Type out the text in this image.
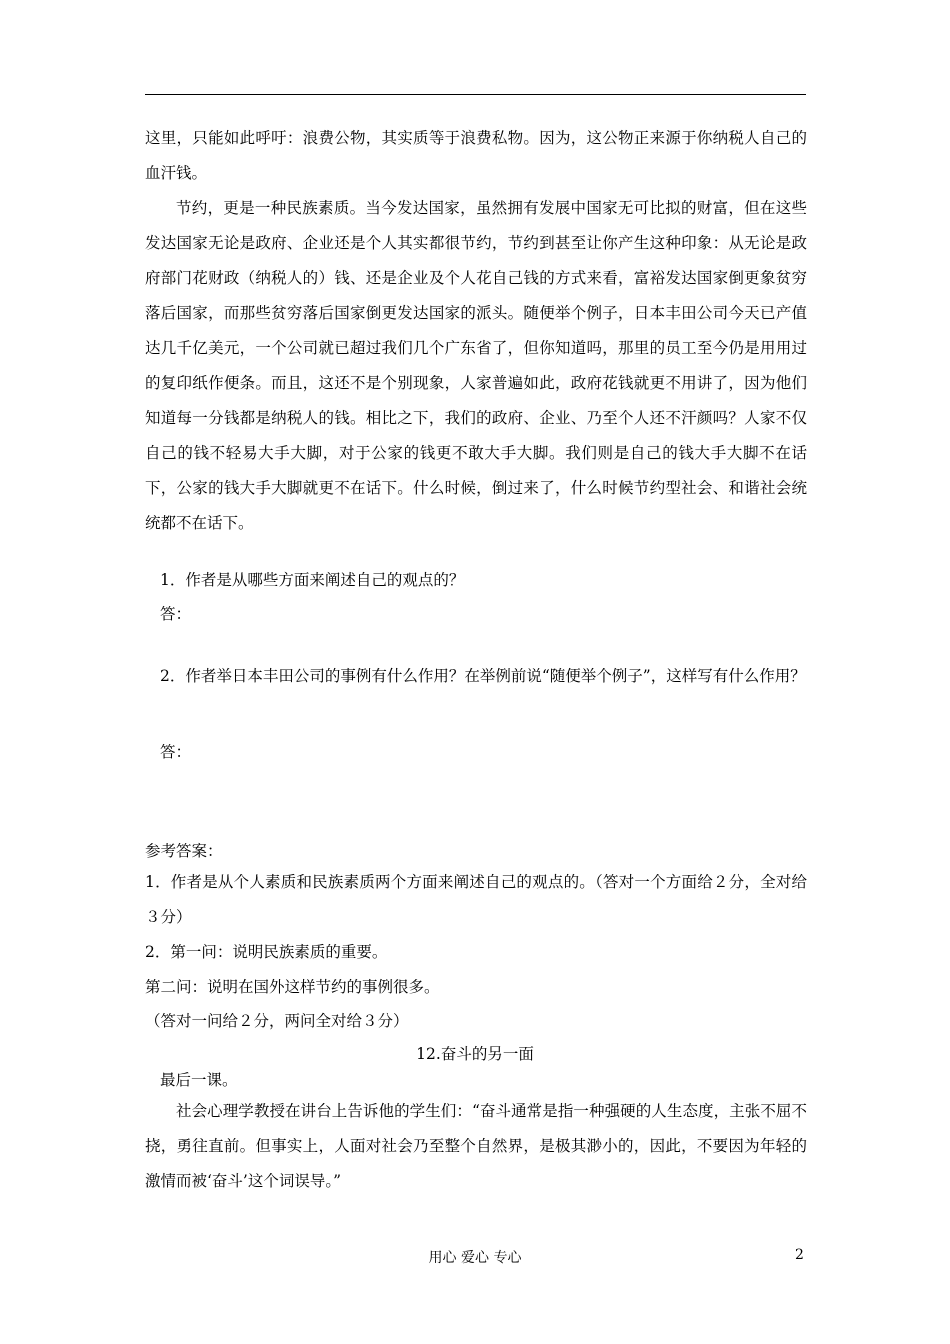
这里，只能如此呼吁：浪费公物，其实质等于浪费私物。因为，这公物正来源于你纳税人自己的血汗钱。

节约，更是一种民族素质。当今发达国家，虽然拥有发展中国家无可比拟的财富，但在这些发达国家无论是政府、企业还是个人其实都很节约，节约到甚至让你产生这种印象：从无论是政府部门花财政（纳税人的）钱、还是企业及个人花自己钱的方式来看，富裕发达国家倒更象贫穷落后国家，而那些贫穷落后国家倒更发达国家的派头。随便举个例子，日本丰田公司今天已产值达几千亿美元，一个公司就已超过我们几个广东省了，但你知道吗，那里的员工至今仍是用用过的复印纸作便条。而且，这还不是个别现象，人家普遍如此，政府花钱就更不用讲了，因为他们知道每一分钱都是纳税人的钱。相比之下，我们的政府、企业、乃至个人还不汗颜吗？人家不仅自己的钱不轻易大手大脚，对于公家的钱更不敢大手大脚。我们则是自己的钱大手大脚不在话下，公家的钱大手大脚就更不在话下。什么时候，倒过来了，什么时候节约型社会、和谐社会统统都不在话下。

1．作者是从哪些方面来阐述自己的观点的？

答：

2．作者举日本丰田公司的事例有什么作用？在举例前说“随便举个例子”，这样写有什么作用？

答：

参考答案：

1．作者是从个人素质和民族素质两个方面来阐述自己的观点的。（答对一个方面给２分，全对给３分）

2．第一问：说明民族素质的重要。

第二问：说明在国外这样节约的事例很多。

（答对一问给２分，两问全对给３分）

12.奋斗的另一面

最后一课。

社会心理学教授在讲台上告诉他的学生们：“奋斗通常是指一种强硬的人生态度，主张不屈不挠，勇往直前。但事实上，人面对社会乃至整个自然界，是极其渺小的，因此，不要因为年轻的激情而被‘奋斗’这个词误导。”

用心 爱心 专心	2
